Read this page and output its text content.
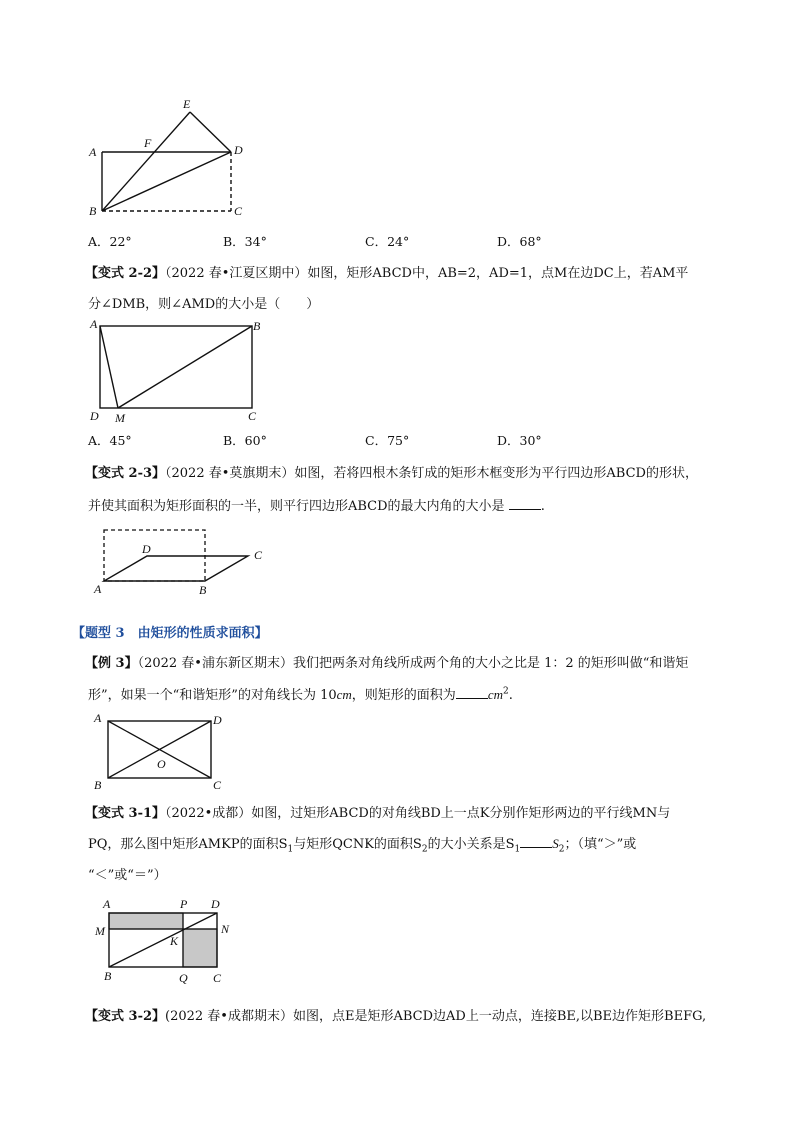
E
F
A	D
B	C
A．22°	B．34°	C．24°	D．68°
【变式 2-2】（2022 春•江夏区期中）如图，矩形ABCD中，AB=2，AD=1，点M在边DC上，若AM平
分∠DMB，则∠AMD的大小是（　　）
A	B
D M	C
A．45°	B．60°	C．75°	D．30°
【变式 2-3】（2022 春•莫旗期末）如图，若将四根木条钉成的矩形木框变形为平行四边形ABCD的形状，
并使其面积为矩形面积的一半，则平行四边形ABCD的最大内角的大小是	.
D	C
A	B
【题型 3　由矩形的性质求面积】
【例 3】（2022 春•浦东新区期末）我们把两条对角线所成两个角的大小之比是 1：2 的矩形叫做“和谐矩
形”，如果一个“和谐矩形”的对角线长为 10cm，则矩形的面积为 $cm^2$.
A	D
O
B	C
【变式 3-1】（2022•成都）如图，过矩形ABCD的对角线BD上一点K分别作矩形两边的平行线MN与
PQ，那么图中矩形AMKP的面积$S_1$与矩形QCNK的面积$S_2$的大小关系是$S_1$ $S_2$；（填“＞”或
“＜”或“＝”）
A	P D
M	N
K
B	Q C
【变式 3-2】(2022 春•成都期末）如图，点E是矩形ABCD边AD上一动点，连接BE,以BE边作矩形BEFG,
